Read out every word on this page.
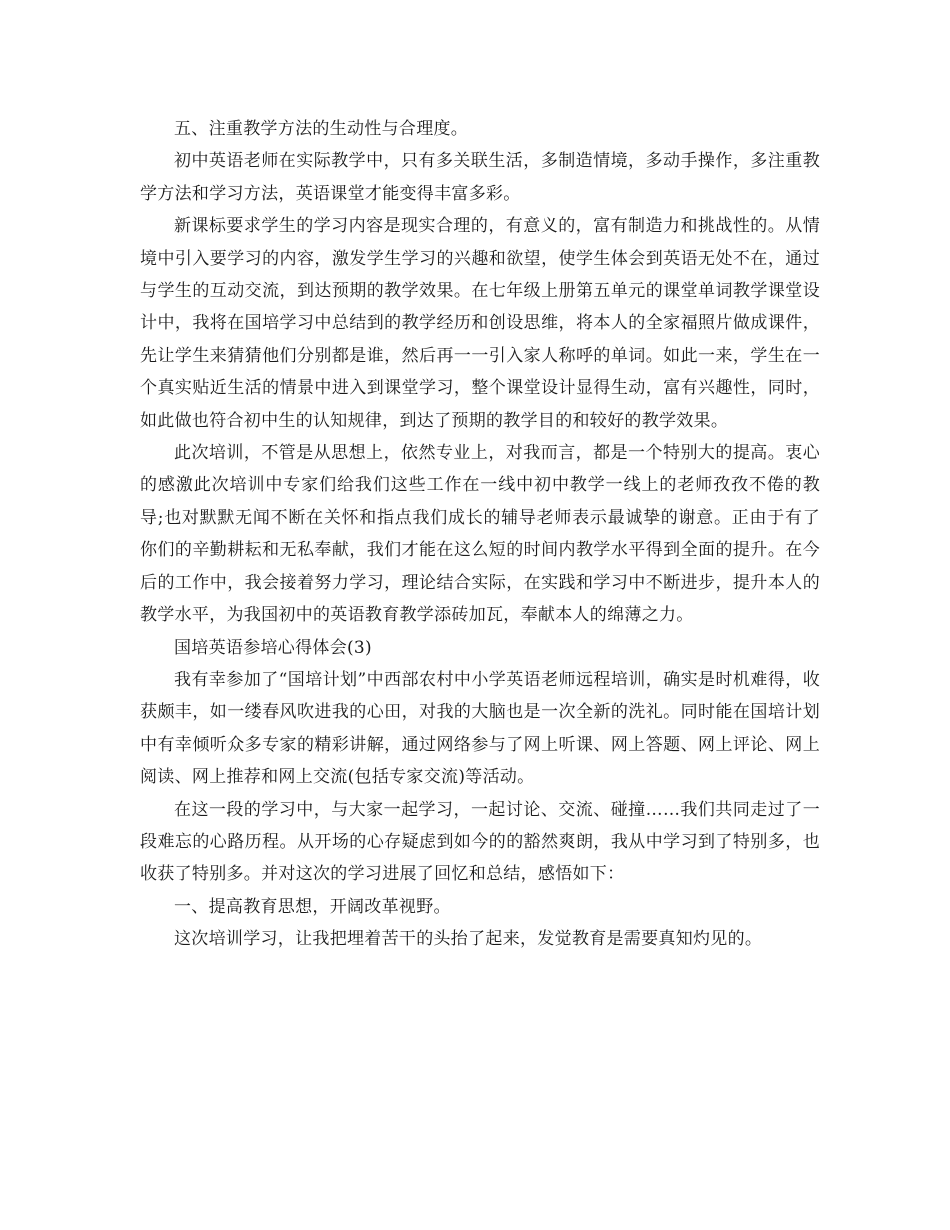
五、注重教学方法的生动性与合理度。

初中英语老师在实际教学中，只有多关联生活，多制造情境，多动手操作，多注重教学方法和学习方法，英语课堂才能变得丰富多彩。

新课标要求学生的学习内容是现实合理的，有意义的，富有制造力和挑战性的。从情境中引入要学习的内容，激发学生学习的兴趣和欲望，使学生体会到英语无处不在，通过与学生的互动交流，到达预期的教学效果。在七年级上册第五单元的课堂单词教学课堂设计中，我将在国培学习中总结到的教学经历和创设思维，将本人的全家福照片做成课件，先让学生来猜猜他们分别都是谁，然后再一一引入家人称呼的单词。如此一来，学生在一个真实贴近生活的情景中进入到课堂学习，整个课堂设计显得生动，富有兴趣性，同时，如此做也符合初中生的认知规律，到达了预期的教学目的和较好的教学效果。

此次培训，不管是从思想上，依然专业上，对我而言，都是一个特别大的提高。衷心的感激此次培训中专家们给我们这些工作在一线中初中教学一线上的老师孜孜不倦的教导;也对默默无闻不断在关怀和指点我们成长的辅导老师表示最诚挚的谢意。正由于有了你们的辛勤耕耘和无私奉献，我们才能在这么短的时间内教学水平得到全面的提升。在今后的工作中，我会接着努力学习，理论结合实际，在实践和学习中不断进步，提升本人的教学水平，为我国初中的英语教育教学添砖加瓦，奉献本人的绵薄之力。

国培英语参培心得体会(3)

我有幸参加了“国培计划”中西部农村中小学英语老师远程培训，确实是时机难得，收获颇丰，如一缕春风吹进我的心田，对我的大脑也是一次全新的洗礼。同时能在国培计划中有幸倾听众多专家的精彩讲解，通过网络参与了网上听课、网上答题、网上评论、网上阅读、网上推荐和网上交流(包括专家交流)等活动。

在这一段的学习中，与大家一起学习，一起讨论、交流、碰撞……我们共同走过了一段难忘的心路历程。从开场的心存疑虑到如今的的豁然爽朗，我从中学习到了特别多，也收获了特别多。并对这次的学习进展了回忆和总结，感悟如下：

一、提高教育思想，开阔改革视野。

这次培训学习，让我把埋着苦干的头抬了起来，发觉教育是需要真知灼见的。
